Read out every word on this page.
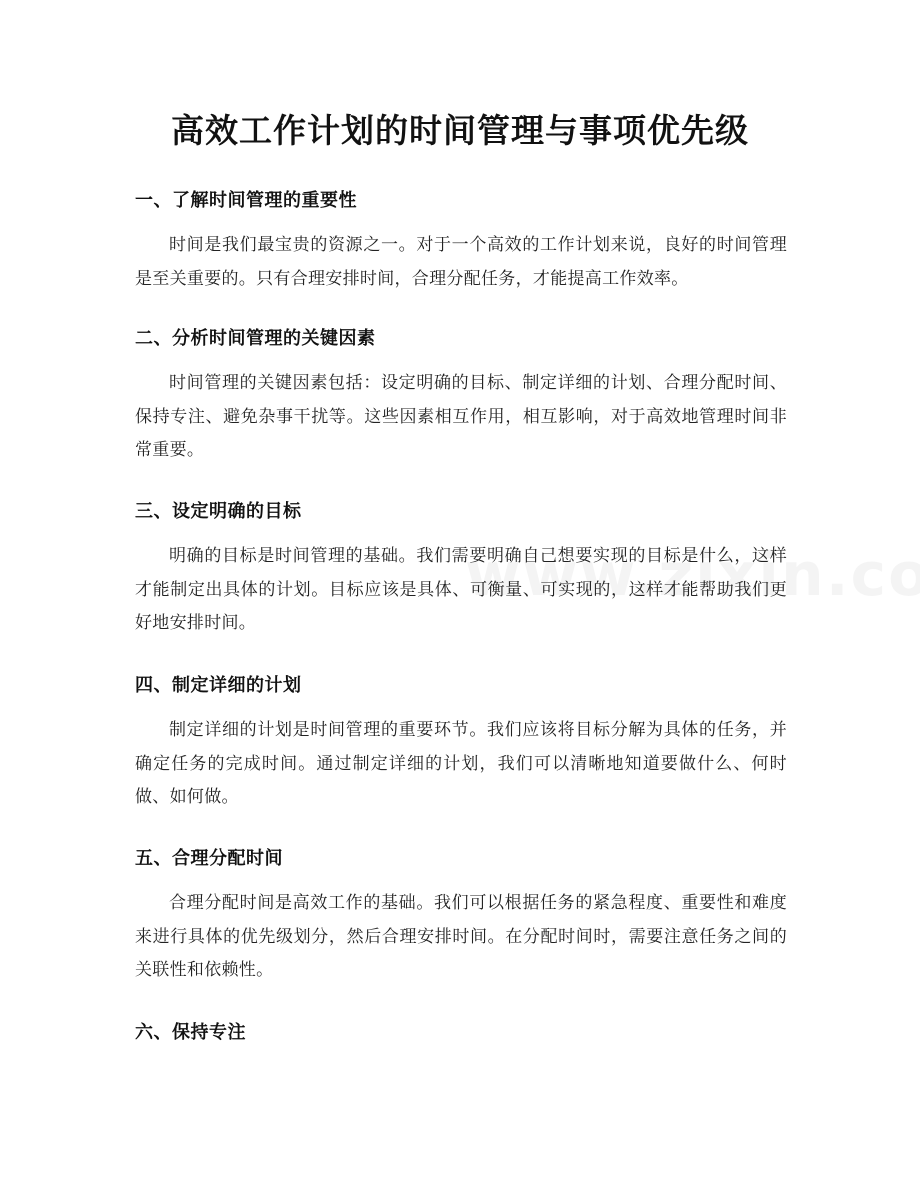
高效工作计划的时间管理与事项优先级
一、了解时间管理的重要性

时间是我们最宝贵的资源之一。对于一个高效的工作计划来说，良好的时间管理是至关重要的。只有合理安排时间，合理分配任务，才能提高工作效率。

二、分析时间管理的关键因素

时间管理的关键因素包括：设定明确的目标、制定详细的计划、合理分配时间、保持专注、避免杂事干扰等。这些因素相互作用，相互影响，对于高效地管理时间非常重要。

三、设定明确的目标

明确的目标是时间管理的基础。我们需要明确自己想要实现的目标是什么，这样才能制定出具体的计划。目标应该是具体、可衡量、可实现的，这样才能帮助我们更好地安排时间。

四、制定详细的计划

制定详细的计划是时间管理的重要环节。我们应该将目标分解为具体的任务，并确定任务的完成时间。通过制定详细的计划，我们可以清晰地知道要做什么、何时做、如何做。

五、合理分配时间

合理分配时间是高效工作的基础。我们可以根据任务的紧急程度、重要性和难度来进行具体的优先级划分，然后合理安排时间。在分配时间时，需要注意任务之间的关联性和依赖性。

六、保持专注
